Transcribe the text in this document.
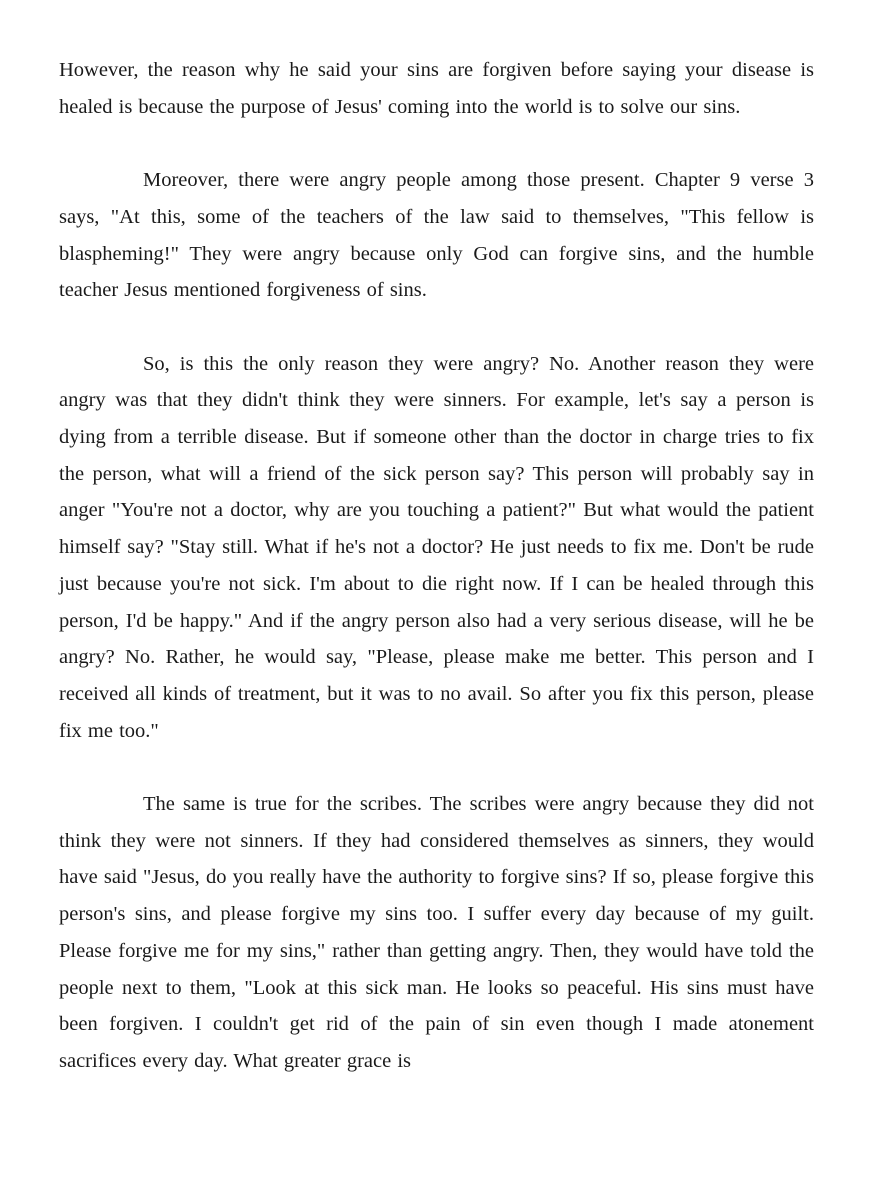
However, the reason why he said your sins are forgiven before saying your disease is healed is because the purpose of Jesus' coming into the world is to solve our sins.

Moreover, there were angry people among those present. Chapter 9 verse 3 says, "At this, some of the teachers of the law said to themselves, "This fellow is blaspheming!" They were angry because only God can forgive sins, and the humble teacher Jesus mentioned forgiveness of sins.

So, is this the only reason they were angry? No. Another reason they were angry was that they didn't think they were sinners. For example, let's say a person is dying from a terrible disease. But if someone other than the doctor in charge tries to fix the person, what will a friend of the sick person say? This person will probably say in anger "You're not a doctor, why are you touching a patient?" But what would the patient himself say? "Stay still. What if he's not a doctor? He just needs to fix me. Don't be rude just because you're not sick. I'm about to die right now. If I can be healed through this person, I'd be happy." And if the angry person also had a very serious disease, will he be angry? No. Rather, he would say, "Please, please make me better. This person and I received all kinds of treatment, but it was to no avail. So after you fix this person, please fix me too."

The same is true for the scribes. The scribes were angry because they did not think they were not sinners. If they had considered themselves as sinners, they would have said "Jesus, do you really have the authority to forgive sins? If so, please forgive this person's sins, and please forgive my sins too. I suffer every day because of my guilt. Please forgive me for my sins," rather than getting angry. Then, they would have told the people next to them, "Look at this sick man. He looks so peaceful. His sins must have been forgiven. I couldn't get rid of the pain of sin even though I made atonement sacrifices every day. What greater grace is
